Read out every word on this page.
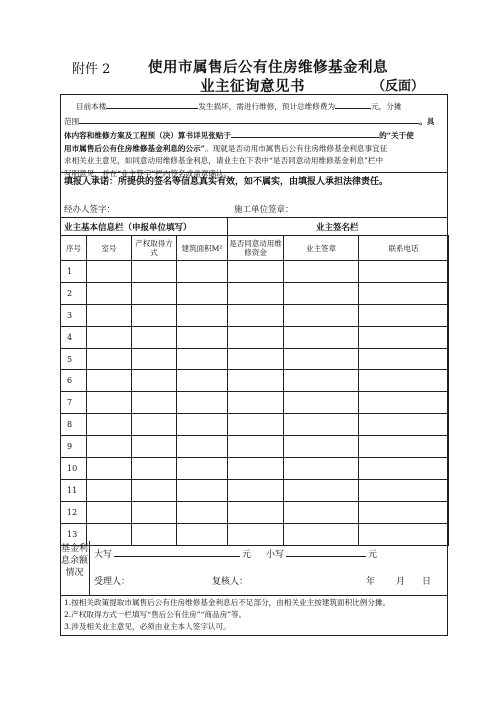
附件 2	使用市属售后公有住房维修基金利息
业主征询意见书	（反面）

目前本楼	发生损坏，需进行维修，预计总维修费为	元，分摊

范围	。具

体内容和维修方案及工程预（决）算书详见张贴于	的“关于使

用市属售后公有住房维修基金利息的公示”。现就是否动用市属售后公有住房维修基金利息事宜征

求相关业主意见，如同意动用维修基金利息，请业主在下表中“是否同意动用维修基金利息”栏中

写明意见，并在“业主签字”栏内签名或盖章确认。

填报人承诺：所提供的签名等信息真实有效，如不属实，由填报人承担法律责任。
经办人签字：	施工单位签章：
业主基本信息栏（申报单位填写）	业主签名栏
序号	室号	产权取得方式	建筑面积M²	是否同意动用维修资金	业主签章	联系电话
1						
2						
3						
4						
5						
6						
7						
8						
9						
10						
11						
12						
13						
基金利息余额情况
大写	元 小写	元
受理人：	复核人：	年 月 日
1.按相关政策提取市属售后公有住房维修基金利息后不足部分，由相关业主按建筑面积比例分摊。
2.产权取得方式一栏填写“售后公有住房”“商品房”等。
3.涉及相关业主意见，必须由业主本人签字认可。
